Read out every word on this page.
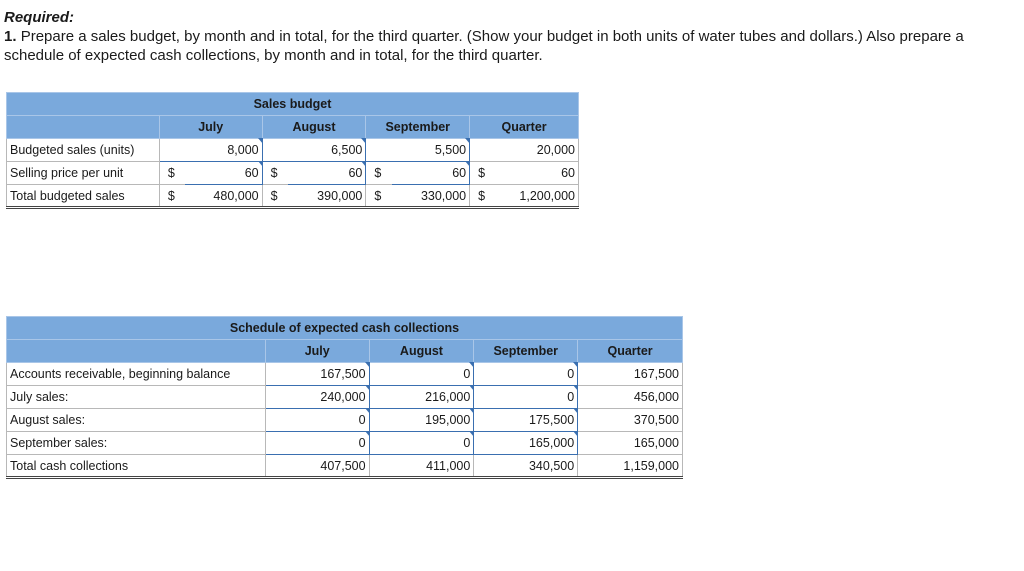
Required:
1. Prepare a sales budget, by month and in total, for the third quarter. (Show your budget in both units of water tubes and dollars.) Also prepare a schedule of expected cash collections, by month and in total, for the third quarter.
Sales budget								
	July		August		September		Quarter	
Budgeted sales (units)	8,000		6,500		5,500		20,000	
Selling price per unit	$	60	$	60	$	60	$	60
Total budgeted sales	$	480,000	$	390,000	$	330,000	$	1,200,000
Schedule of expected cash collections				
	July	August	September	Quarter
Accounts receivable, beginning balance	167,500	0	0	167,500
July sales:	240,000	216,000	0	456,000
August sales:	0	195,000	175,500	370,500
September sales:	0	0	165,000	165,000
Total cash collections	407,500	411,000	340,500	1,159,000
